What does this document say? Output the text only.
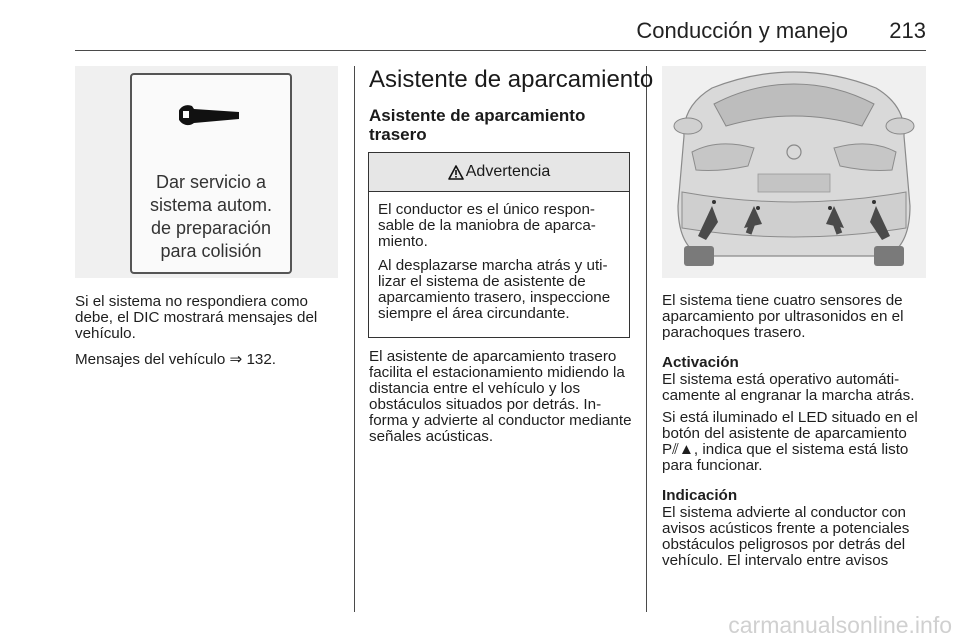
Conducción y manejo 213
Dar servicio a
sistema autom.
de preparación
para colisión

Si el sistema no respondiera como debe, el DIC mostrará mensajes del vehículo.

Mensajes del vehículo ⇒ 132.

Asistente de aparcamiento
Asistente de aparcamiento trasero
Advertencia

El conductor es el único responsable de la maniobra de aparcamiento.

Al desplazarse marcha atrás y utilizar el sistema de asistente de aparcamiento trasero, inspeccione siempre el área circundante.

El asistente de aparcamiento trasero facilita el estacionamiento midiendo la distancia entre el vehículo y los obstáculos situados por detrás. Informa y advierte al conductor mediante señales acústicas.

El sistema tiene cuatro sensores de aparcamiento por ultrasonidos en el parachoques trasero.

Activación

El sistema está operativo automáticamente al engranar la marcha atrás.

Si está iluminado el LED situado en el botón del asistente de aparcamiento P⫽▲, indica que el sistema está listo para funcionar.

Indicación

El sistema advierte al conductor con avisos acústicos frente a potenciales obstáculos peligrosos por detrás del vehículo. El intervalo entre avisos

carmanualsonline.info
